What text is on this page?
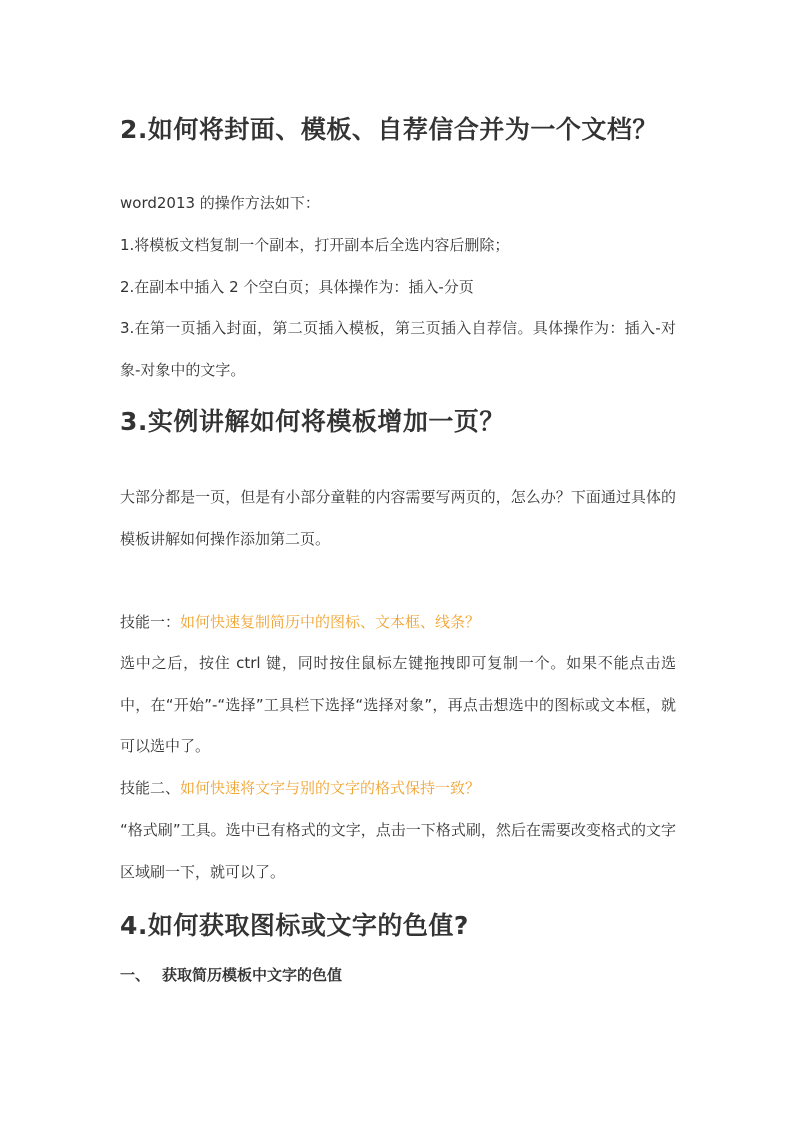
2.如何将封面、模板、自荐信合并为一个文档？

word2013 的操作方法如下：

1.将模板文档复制一个副本，打开副本后全选内容后删除；

2.在副本中插入 2 个空白页；具体操作为：插入-分页

3.在第一页插入封面，第二页插入模板，第三页插入自荐信。具体操作为：插入-对象-对象中的文字。

3.实例讲解如何将模板增加一页？

大部分都是一页，但是有小部分童鞋的内容需要写两页的，怎么办？下面通过具体的模板讲解如何操作添加第二页。

技能一：如何快速复制简历中的图标、文本框、线条？

选中之后，按住 ctrl 键，同时按住鼠标左键拖拽即可复制一个。如果不能点击选中，在“开始”-“选择”工具栏下选择“选择对象”，再点击想选中的图标或文本框，就可以选中了。

技能二、如何快速将文字与别的文字的格式保持一致？

“格式刷”工具。选中已有格式的文字，点击一下格式刷，然后在需要改变格式的文字区域刷一下，就可以了。

4.如何获取图标或文字的色值?

一、 获取简历模板中文字的色值
